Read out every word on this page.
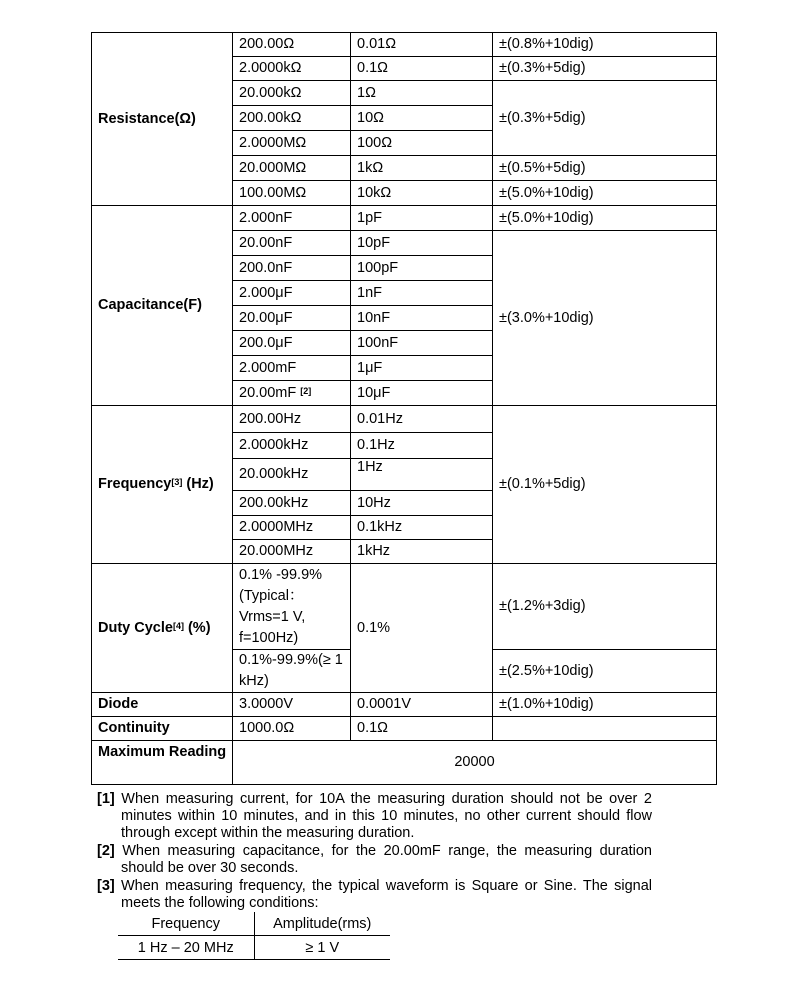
Resistance(Ω)	200.00Ω	0.01Ω	±(0.8%+10dig)
	2.0000kΩ	0.1Ω	±(0.3%+5dig)
	20.000kΩ	1Ω	±(0.3%+5dig)
	200.00kΩ	10Ω	
	2.0000MΩ	100Ω	
	20.000MΩ	1kΩ	±(0.5%+5dig)
	100.00MΩ	10kΩ	±(5.0%+10dig)
Capacitance(F)	2.000nF	1pF	±(5.0%+10dig)
	20.00nF	10pF	±(3.0%+10dig)
	200.0nF	100pF	
	2.000μF	1nF	
	20.00μF	10nF	
	200.0μF	100nF	
	2.000mF	1μF	
	20.00mF [2]	10μF	
Frequency[3] (Hz)	200.00Hz	0.01Hz	±(0.1%+5dig)
	2.0000kHz	0.1Hz	
	20.000kHz	1Hz	
	200.00kHz	10Hz	
	2.0000MHz	0.1kHz	
	20.000MHz	1kHz	
Duty Cycle[4] (%)	0.1% -99.9% (Typical： Vrms=1 V, f=100Hz)	0.1%	±(1.2%+3dig)
	0.1%-99.9%(≥ 1 kHz)		±(2.5%+10dig)
Diode	3.0000V	0.0001V	±(1.0%+10dig)
Continuity	1000.0Ω	0.1Ω	
Maximum Reading	20000		
[1] When measuring current, for 10A the measuring duration should not be over 2 minutes within 10 minutes, and in this 10 minutes, no other current should flow through except within the measuring duration.
[2] When measuring capacitance, for the 20.00mF range, the measuring duration should be over 30 seconds.
[3] When measuring frequency, the typical waveform is Square or Sine. The signal meets the following conditions:
Frequency	Amplitude(rms)
1 Hz – 20 MHz	≥ 1 V
